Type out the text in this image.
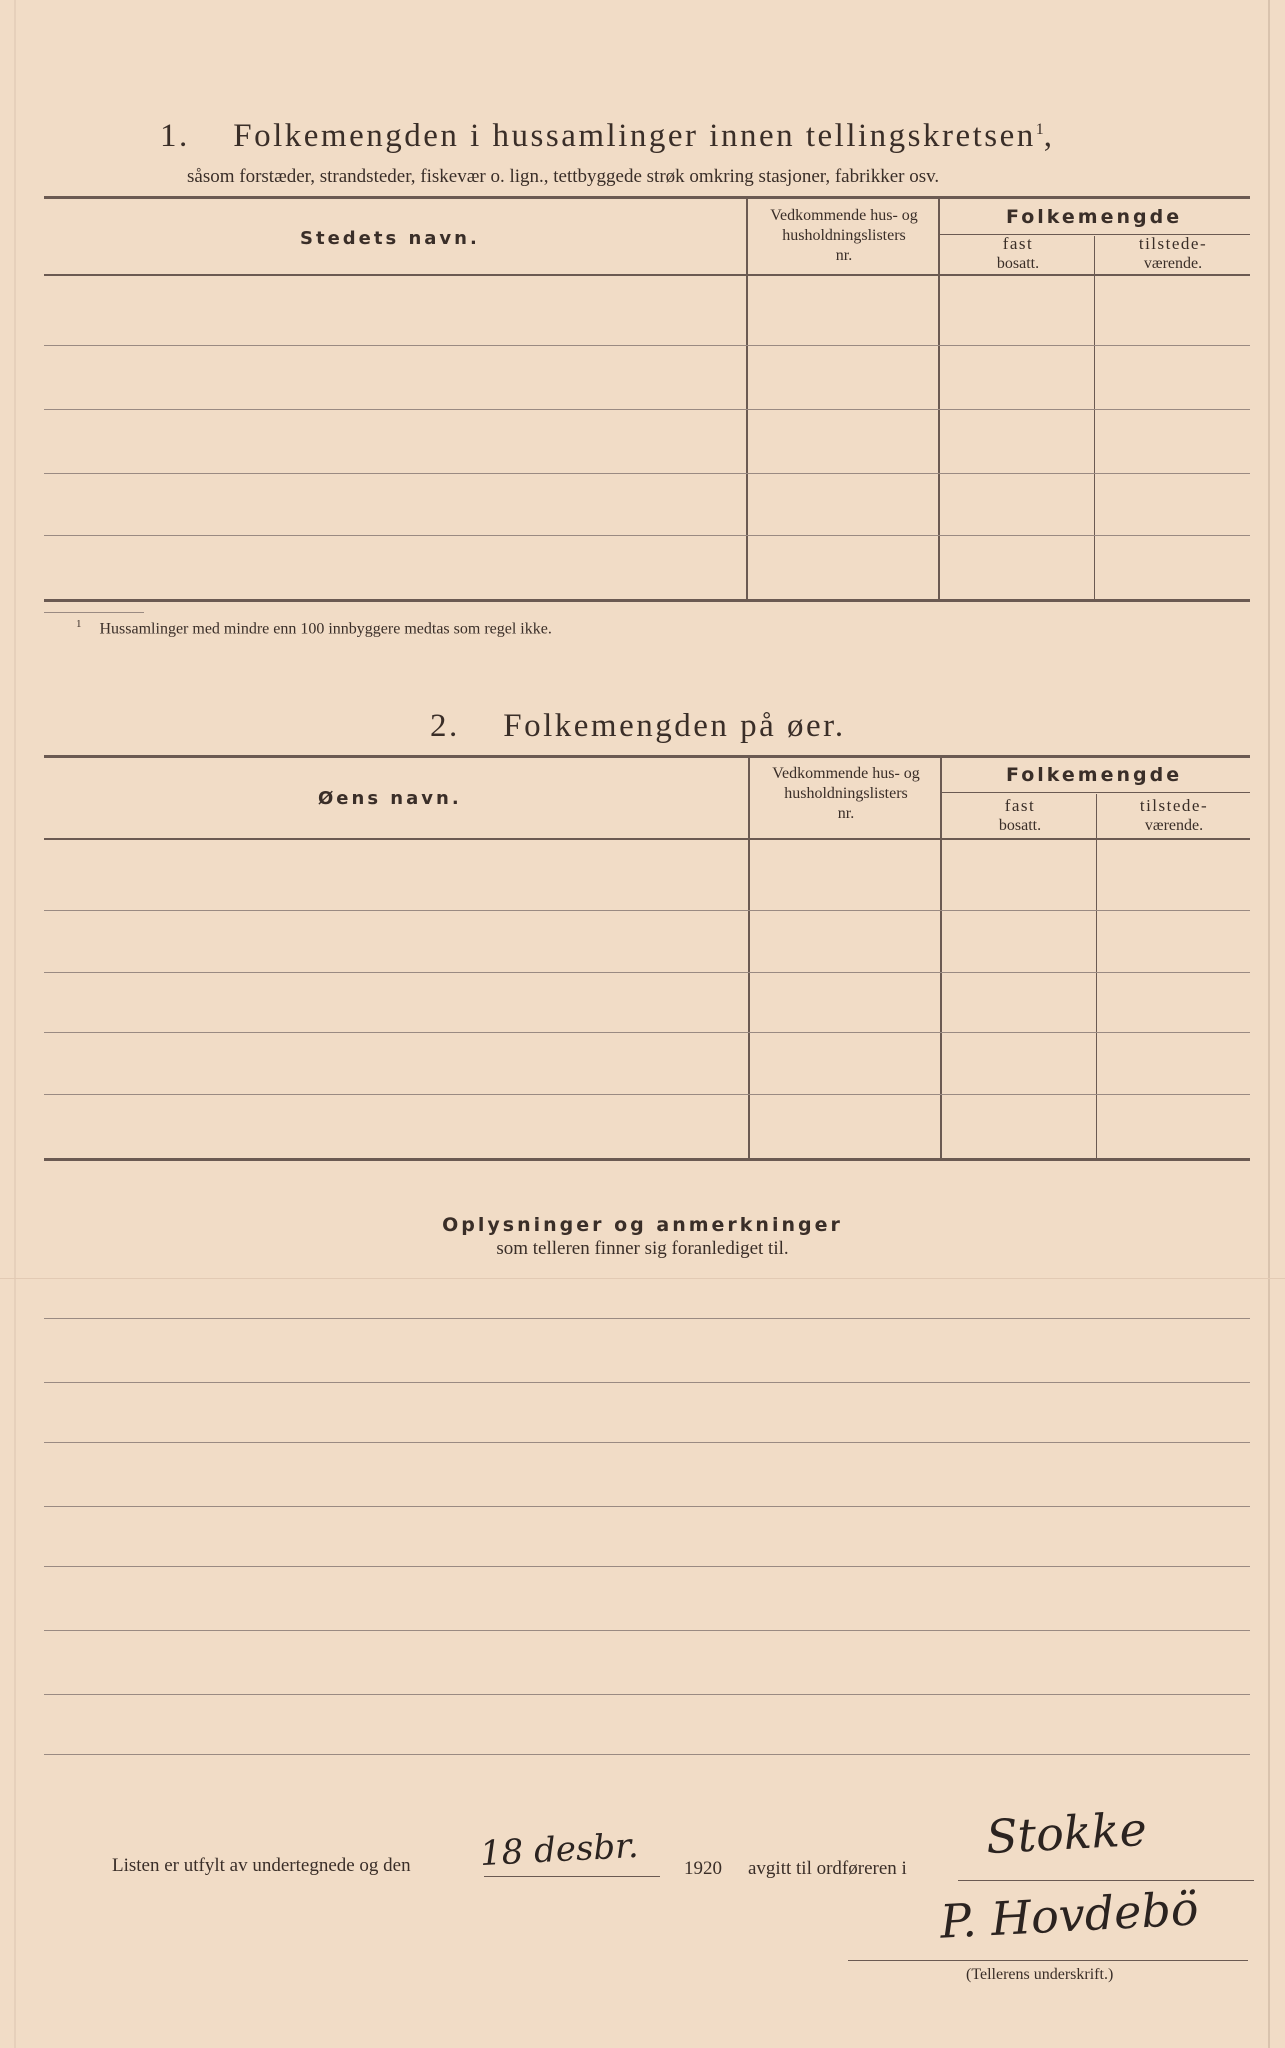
1. Folkemengden i hussamlinger innen tellingskretsen$^1$,
såsom forstæder, strandsteder, fiskevær o. lign., tettbyggede strøk omkring stasjoner, fabrikker osv.
Stedets navn.
Vedkommende hus- og
husholdningslisters
nr.
Folkemengde
fast
bosatt.
tilstede-
værende.
$^1$ Hussamlinger med mindre enn 100 innbyggere medtas som regel ikke.
2. Folkemengden på øer.
Øens navn.
Vedkommende hus- og
husholdningslisters
nr.
Folkemengde
fast
bosatt.
tilstede-
værende.
Oplysninger og anmerkninger
som telleren finner sig foranlediget til.
Listen er utfylt av undertegnede og den 18 desbr. 1920 avgitt til ordføreren i
Stokke
P. Hovdebö
(Tellerens underskrift.)
